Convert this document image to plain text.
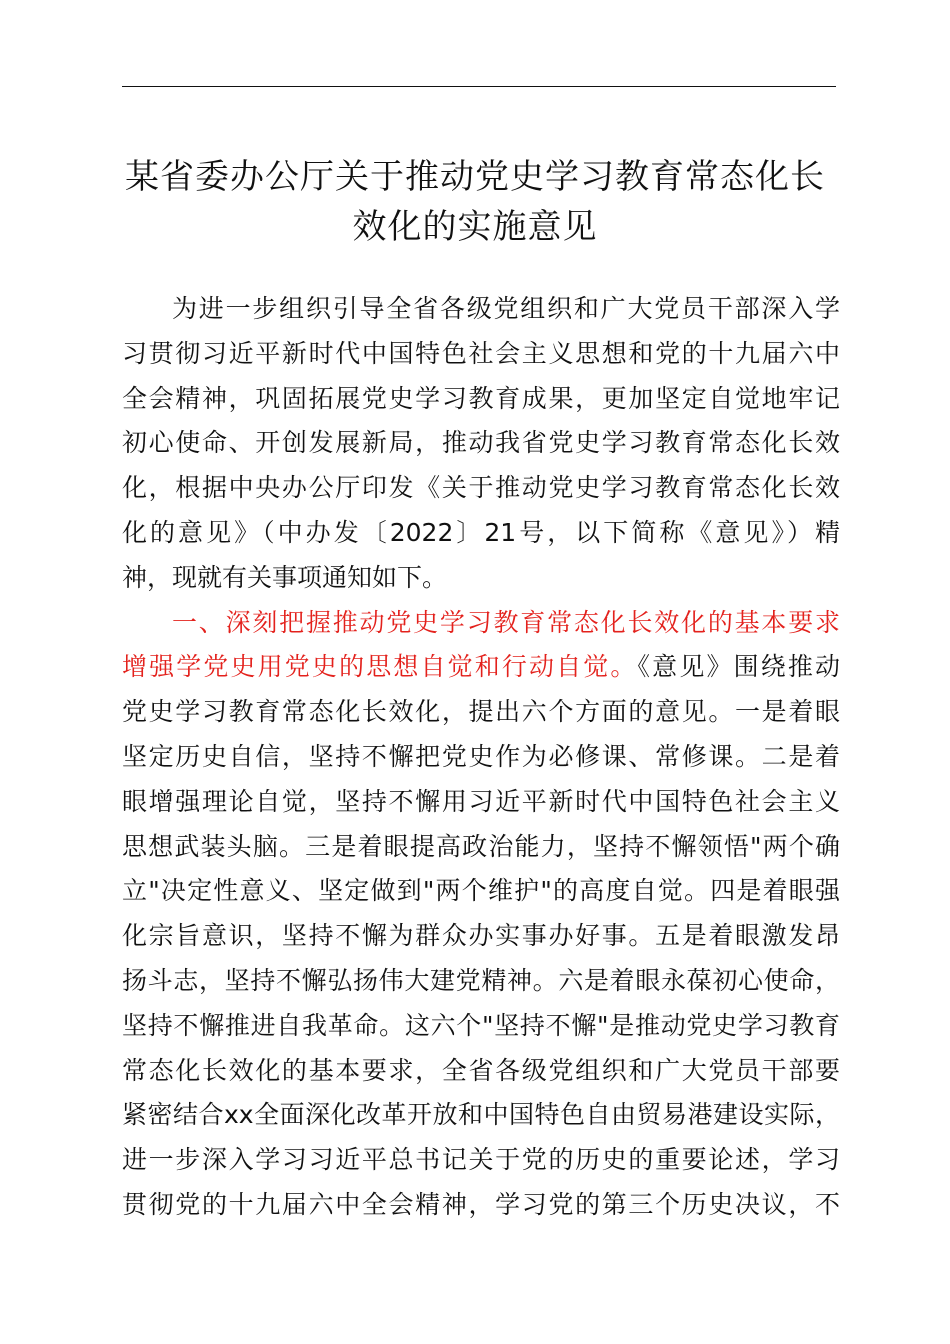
某省委办公厅关于推动党史学习教育常态化长
效化的实施意见
为进一步组织引导全省各级党组织和广大党员干部深入学
习贯彻习近平新时代中国特色社会主义思想和党的十九届六中
全会精神，巩固拓展党史学习教育成果，更加坚定自觉地牢记
初心使命、开创发展新局，推动我省党史学习教育常态化长效
化，根据中央办公厅印发《关于推动党史学习教育常态化长效
化的意见》（中办发〔2022〕21号，以下简称《意见》）精
神，现就有关事项通知如下。
一、深刻把握推动党史学习教育常态化长效化的基本要求
增强学党史用党史的思想自觉和行动自觉。《意见》围绕推动
党史学习教育常态化长效化，提出六个方面的意见。一是着眼
坚定历史自信，坚持不懈把党史作为必修课、常修课。二是着
眼增强理论自觉，坚持不懈用习近平新时代中国特色社会主义
思想武装头脑。三是着眼提高政治能力，坚持不懈领悟"两个确
立"决定性意义、坚定做到"两个维护"的高度自觉。四是着眼强
化宗旨意识，坚持不懈为群众办实事办好事。五是着眼激发昂
扬斗志，坚持不懈弘扬伟大建党精神。六是着眼永葆初心使命，
坚持不懈推进自我革命。这六个"坚持不懈"是推动党史学习教育
常态化长效化的基本要求，全省各级党组织和广大党员干部要
紧密结合xx全面深化改革开放和中国特色自由贸易港建设实际，
进一步深入学习习近平总书记关于党的历史的重要论述，学习
贯彻党的十九届六中全会精神，学习党的第三个历史决议，不
